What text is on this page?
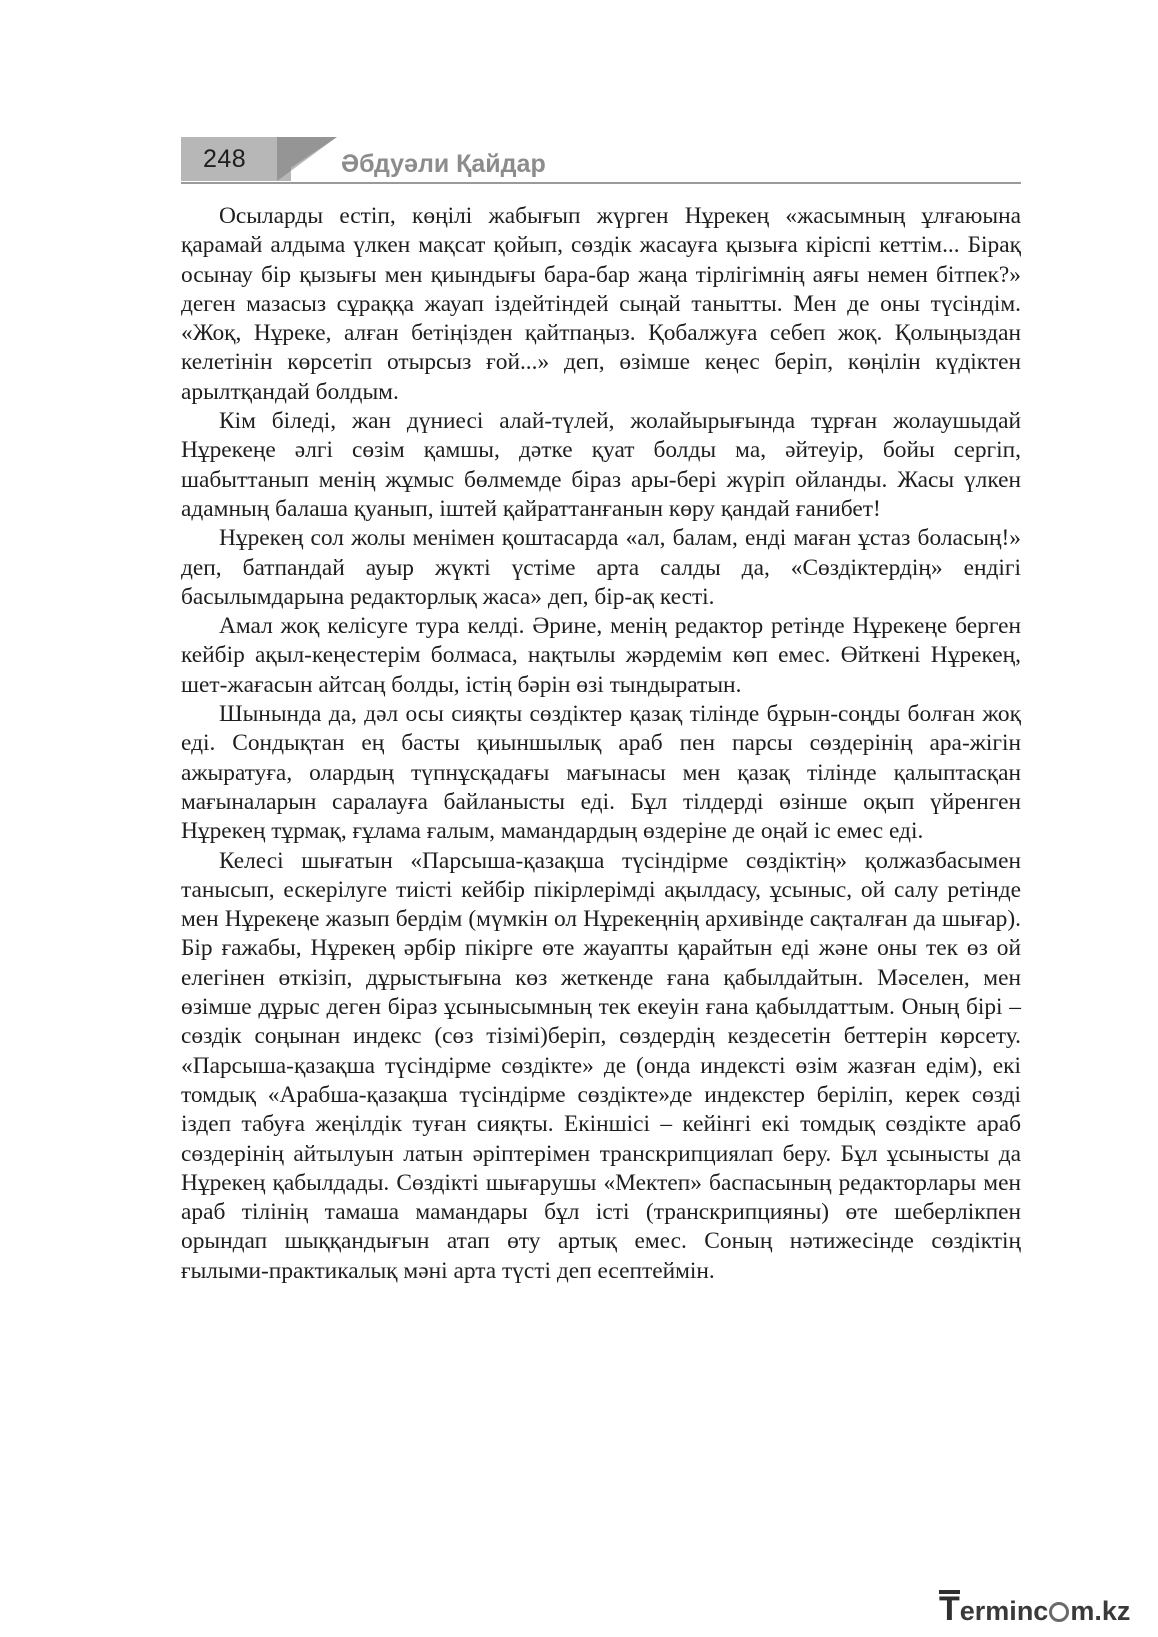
248	Әбдуәли Қайдар

Осыларды естіп, көңілі жабығып жүрген Нұрекең «жасымның ұлғаюына қарамай алдыма үлкен мақсат қойып, сөздік жасауға қызыға кіріспі кеттім... Бірақ осынау бір қызығы мен қиындығы бара-бар жаңа тірлігімнің аяғы немен бітпек?» деген мазасыз сұраққа жауап іздейтіндей сыңай танытты. Мен де оны түсіндім. «Жоқ, Нұреке, алған бетіңізден қайтпаңыз. Қобалжуға себеп жоқ. Қолыңыздан келетінін көрсетіп отырсыз ғой...» деп, өзімше кеңес беріп, көңілін күдіктен арылтқандай болдым.

Кім біледі, жан дүниесі алай-түлей, жолайырығында тұрған жолаушыдай Нұрекеңе әлгі сөзім қамшы, дәтке қуат болды ма, әйтеуір, бойы сергіп, шабыттанып менің жұмыс бөлмемде біраз ары-бері жүріп ойланды. Жасы үлкен адамның балаша қуанып, іштей қайраттанғанын көру қандай ғанибет!

Нұрекең сол жолы менімен қоштасарда «ал, балам, енді маған ұстаз боласың!» деп, батпандай ауыр жүкті үстіме арта салды да, «Сөздіктердің» ендігі басылымдарына редакторлық жаса» деп, бір-ақ кесті.

Амал жоқ келісуге тура келді. Әрине, менің редактор ретінде Нұрекеңе берген кейбір ақыл-кеңестерім болмаса, нақтылы жәрдемім көп емес. Өйткені Нұрекең, шет-жағасын айтсаң болды, істің бәрін өзі тындыратын.

Шынында да, дәл осы сияқты сөздіктер қазақ тілінде бұрын-соңды болған жоқ еді. Сондықтан ең басты қиыншылық араб пен парсы сөздерінің ара-жігін ажыратуға, олардың түпнұсқадағы мағынасы мен қазақ тілінде қалыптасқан мағыналарын саралауға байланысты еді. Бұл тілдерді өзінше оқып үйренген Нұрекең тұрмақ, ғұлама ғалым, мамандардың өздеріне де оңай іс емес еді.

Келесі шығатын «Парсыша-қазақша түсіндірме сөздіктің» қолжазбасымен танысып, ескерілуге тиісті кейбір пікірлерімді ақылдасу, ұсыныс, ой салу ретінде мен Нұрекеңе жазып бердім (мүмкін ол Нұрекеңнің архивінде сақталған да шығар). Бір ғажабы, Нұрекең әрбір пікірге өте жауапты қарайтын еді және оны тек өз ой елегінен өткізіп, дұрыстығына көз жеткенде ғана қабылдайтын. Мәселен, мен өзімше дұрыс деген біраз ұсынысымның тек екеуін ғана қабылдаттым. Оның бірі – сөздік соңынан индекс (сөз тізімі)беріп, сөздердің кездесетін беттерін көрсету. «Парсыша-қазақша түсіндірме сөздікте» де (онда индексті өзім жазған едім), екі томдық «Арабша-қазақша түсіндірме сөздікте»де индекстер беріліп, керек сөзді іздеп табуға жеңілдік туған сияқты. Екіншісі – кейінгі екі томдық сөздікте араб сөздерінің айтылуын латын әріптерімен транскрипциялап беру. Бұл ұсынысты да Нұрекең қабылдады. Сөздікті шығарушы «Мектеп» баспасының редакторлары мен араб тілінің тамаша мамандары бұл істі (транскрипцияны) өте шеберлікпен орындап шыққандығын атап өту артық емес. Соның нәтижесінде сөздіктің ғылыми-практикалық мәні арта түсті деп есептеймін.

Terminc m.kz
